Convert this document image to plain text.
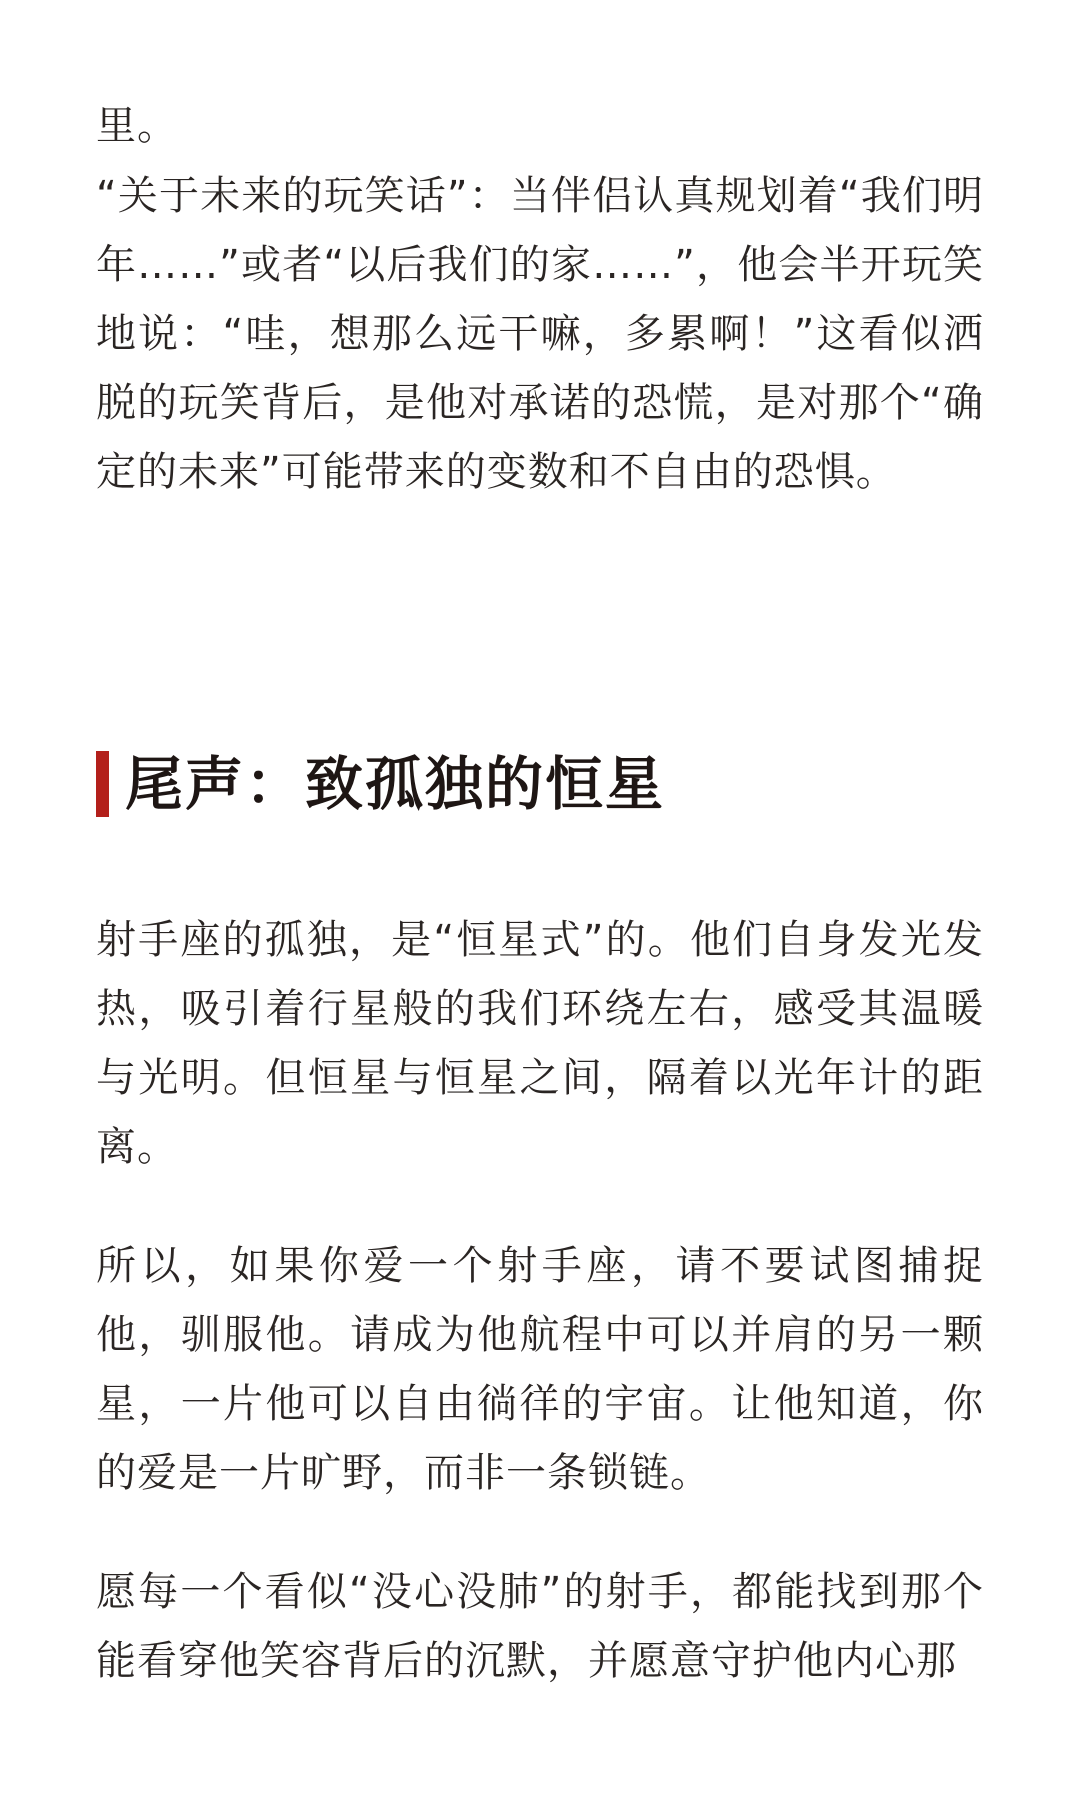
里。

“关于未来的玩笑话”：当伴侣认真规划着“我们明年……”或者“以后我们的家……”，他会半开玩笑地说：“哇，想那么远干嘛，多累啊！”这看似洒脱的玩笑背后，是他对承诺的恐慌，是对那个“确定的未来”可能带来的变数和不自由的恐惧。

尾声：致孤独的恒星

射手座的孤独，是“恒星式”的。他们自身发光发热，吸引着行星般的我们环绕左右，感受其温暖与光明。但恒星与恒星之间，隔着以光年计的距离。

所以，如果你爱一个射手座，请不要试图捕捉他，驯服他。请成为他航程中可以并肩的另一颗星，一片他可以自由徜徉的宇宙。让他知道，你的爱是一片旷野，而非一条锁链。

愿每一个看似“没心没肺”的射手，都能找到那个能看穿他笑容背后的沉默，并愿意守护他内心那
